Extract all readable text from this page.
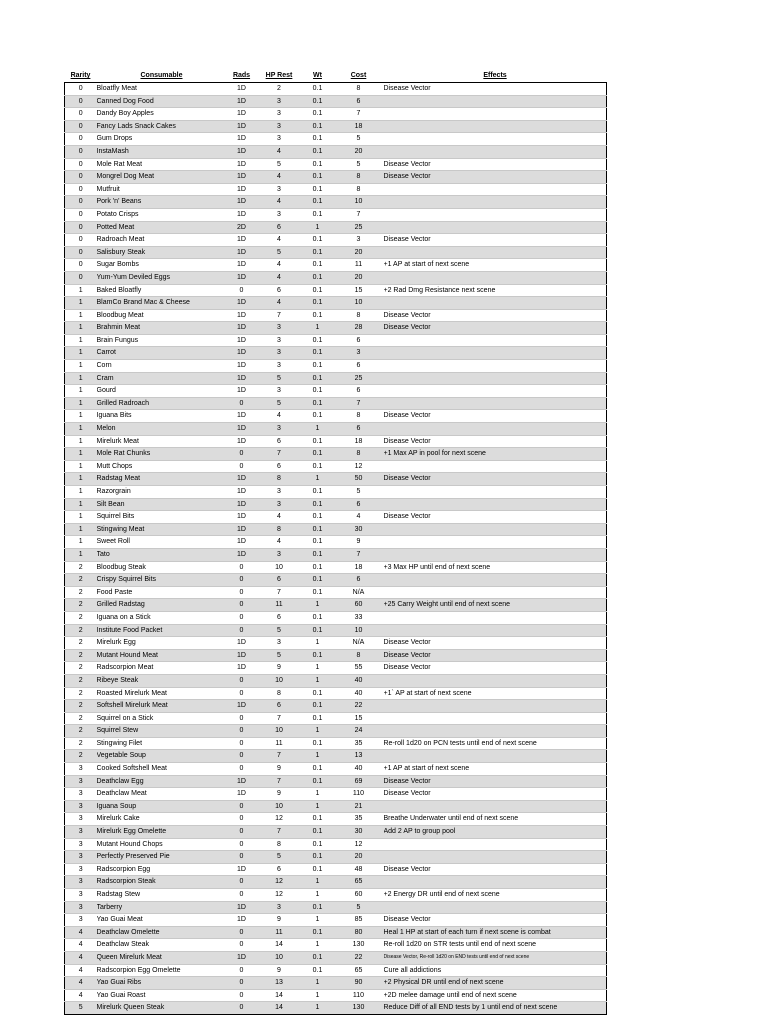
Rarity	Consumable	Rads	HP Rest	Wt	Cost	Effects
0	Bloatfly Meat	1D	2	0.1	8	Disease Vector
0	Canned Dog Food	1D	3	0.1	6	
0	Dandy Boy Apples	1D	3	0.1	7	
0	Fancy Lads Snack Cakes	1D	3	0.1	18	
0	Gum Drops	1D	3	0.1	5	
0	InstaMash	1D	4	0.1	20	
0	Mole Rat Meat	1D	5	0.1	5	Disease Vector
0	Mongrel Dog Meat	1D	4	0.1	8	Disease Vector
0	Mutfruit	1D	3	0.1	8	
0	Pork 'n' Beans	1D	4	0.1	10	
0	Potato Crisps	1D	3	0.1	7	
0	Potted Meat	2D	6	1	25	
0	Radroach Meat	1D	4	0.1	3	Disease Vector
0	Salisbury Steak	1D	5	0.1	20	
0	Sugar Bombs	1D	4	0.1	11	+1 AP at start of next scene
0	Yum-Yum Deviled Eggs	1D	4	0.1	20	
1	Baked Bloatfly	0	6	0.1	15	+2 Rad Dmg Resistance next scene
1	BlamCo Brand Mac & Cheese	1D	4	0.1	10	
1	Bloodbug Meat	1D	7	0.1	8	Disease Vector
1	Brahmin Meat	1D	3	1	28	Disease Vector
1	Brain Fungus	1D	3	0.1	6	
1	Carrot	1D	3	0.1	3	
1	Corn	1D	3	0.1	6	
1	Cram	1D	5	0.1	25	
1	Gourd	1D	3	0.1	6	
1	Grilled Radroach	0	5	0.1	7	
1	Iguana Bits	1D	4	0.1	8	Disease Vector
1	Melon	1D	3	1	6	
1	Mirelurk Meat	1D	6	0.1	18	Disease Vector
1	Mole Rat Chunks	0	7	0.1	8	+1 Max AP in pool for next scene
1	Mutt Chops	0	6	0.1	12	
1	Radstag Meat	1D	8	1	50	Disease Vector
1	Razorgrain	1D	3	0.1	5	
1	Silt Bean	1D	3	0.1	6	
1	Squirrel Bits	1D	4	0.1	4	Disease Vector
1	Stingwing Meat	1D	8	0.1	30	
1	Sweet Roll	1D	4	0.1	9	
1	Tato	1D	3	0.1	7	
2	Bloodbug Steak	0	10	0.1	18	+3 Max HP until end of next scene
2	Crispy Squirrel Bits	0	6	0.1	6	
2	Food Paste	0	7	0.1	N/A	
2	Grilled Radstag	0	11	1	60	+25 Carry Weight until end of next scene
2	Iguana on a Stick	0	6	0.1	33	
2	Institute Food Packet	0	5	0.1	10	
2	Mirelurk Egg	1D	3	1	N/A	Disease Vector
2	Mutant Hound Meat	1D	5	0.1	8	Disease Vector
2	Radscorpion Meat	1D	9	1	55	Disease Vector
2	Ribeye Steak	0	10	1	40	
2	Roasted Mirelurk Meat	0	8	0.1	40	+1` AP at start of next scene
2	Softshell Mirelurk Meat	1D	6	0.1	22	
2	Squirrel on a Stick	0	7	0.1	15	
2	Squirrel Stew	0	10	1	24	
2	Stingwing Filet	0	11	0.1	35	Re-roll 1d20 on PCN tests until end of next scene
2	Vegetable Soup	0	7	1	13	
3	Cooked Softshell Meat	0	9	0.1	40	+1 AP at start of next scene
3	Deathclaw Egg	1D	7	0.1	69	Disease Vector
3	Deathclaw Meat	1D	9	1	110	Disease Vector
3	Iguana Soup	0	10	1	21	
3	Mirelurk Cake	0	12	0.1	35	Breathe Underwater until end of next scene
3	Mirelurk Egg Omelette	0	7	0.1	30	Add 2 AP to group pool
3	Mutant Hound Chops	0	8	0.1	12	
3	Perfectly Preserved Pie	0	5	0.1	20	
3	Radscorpion Egg	1D	6	0.1	48	Disease Vector
3	Radscorpion Steak	0	12	1	65	
3	Radstag Stew	0	12	1	60	+2 Energy DR until end of next scene
3	Tarberry	1D	3	0.1	5	
3	Yao Guai Meat	1D	9	1	85	Disease Vector
4	Deathclaw Omelette	0	11	0.1	80	Heal 1 HP at start of each turn if next scene is combat
4	Deathclaw Steak	0	14	1	130	Re-roll 1d20 on STR tests until end of next scene
4	Queen Mirelurk Meat	1D	10	0.1	22	Disease Vector, Re-roll 1d20 on END tests until end of next scene
4	Radscorpion Egg Omelette	0	9	0.1	65	Cure all addictions
4	Yao Guai Ribs	0	13	1	90	+2 Physical DR until end of next scene
4	Yao Guai Roast	0	14	1	110	+2D melee damage until end of next scene
5	Mirelurk Queen Steak	0	14	1	130	Reduce Diff of all END tests by 1 until end of next scene
